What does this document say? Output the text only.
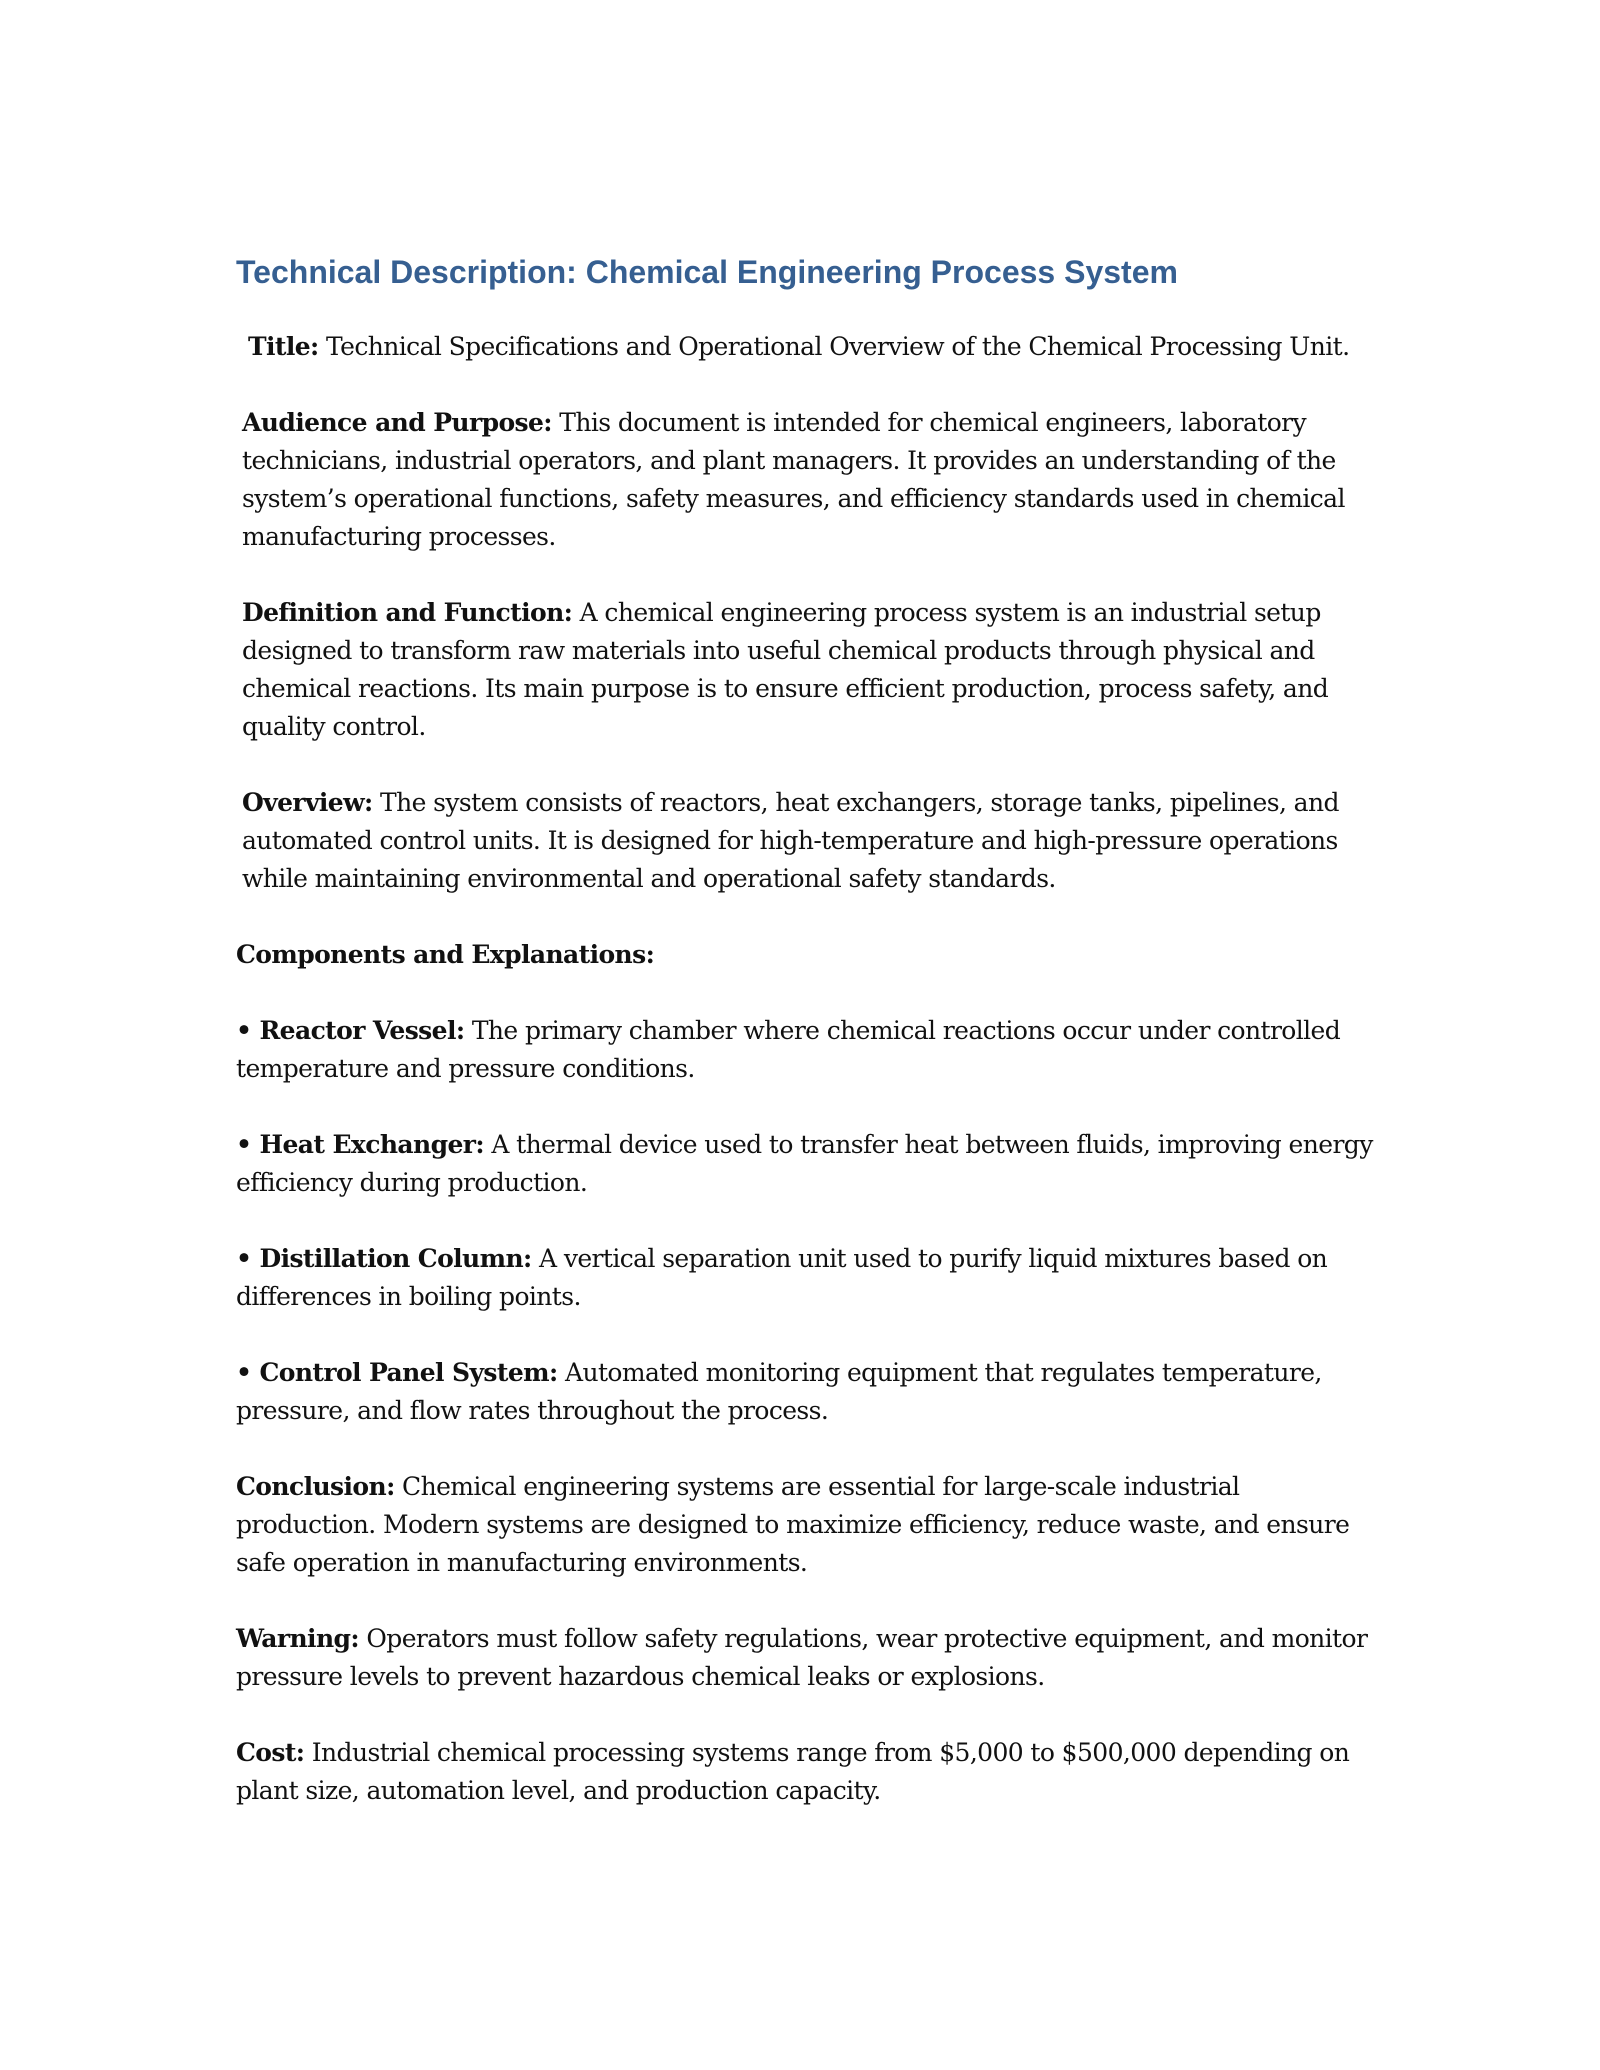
Technical Description: Chemical Engineering Process System

Title: Technical Specifications and Operational Overview of the Chemical Processing Unit.

Audience and Purpose: This document is intended for chemical engineers, laboratory technicians, industrial operators, and plant managers. It provides an understanding of the system’s operational functions, safety measures, and efficiency standards used in chemical manufacturing processes.

Definition and Function: A chemical engineering process system is an industrial setup designed to transform raw materials into useful chemical products through physical and chemical reactions. Its main purpose is to ensure efficient production, process safety, and quality control.

Overview: The system consists of reactors, heat exchangers, storage tanks, pipelines, and automated control units. It is designed for high-temperature and high-pressure operations while maintaining environmental and operational safety standards.

Components and Explanations:

• Reactor Vessel: The primary chamber where chemical reactions occur under controlled temperature and pressure conditions.

• Heat Exchanger: A thermal device used to transfer heat between fluids, improving energy efficiency during production.

• Distillation Column: A vertical separation unit used to purify liquid mixtures based on differences in boiling points.

• Control Panel System: Automated monitoring equipment that regulates temperature, pressure, and flow rates throughout the process.

Conclusion: Chemical engineering systems are essential for large-scale industrial production. Modern systems are designed to maximize efficiency, reduce waste, and ensure safe operation in manufacturing environments.

Warning: Operators must follow safety regulations, wear protective equipment, and monitor pressure levels to prevent hazardous chemical leaks or explosions.

Cost: Industrial chemical processing systems range from $5,000 to $500,000 depending on plant size, automation level, and production capacity.
